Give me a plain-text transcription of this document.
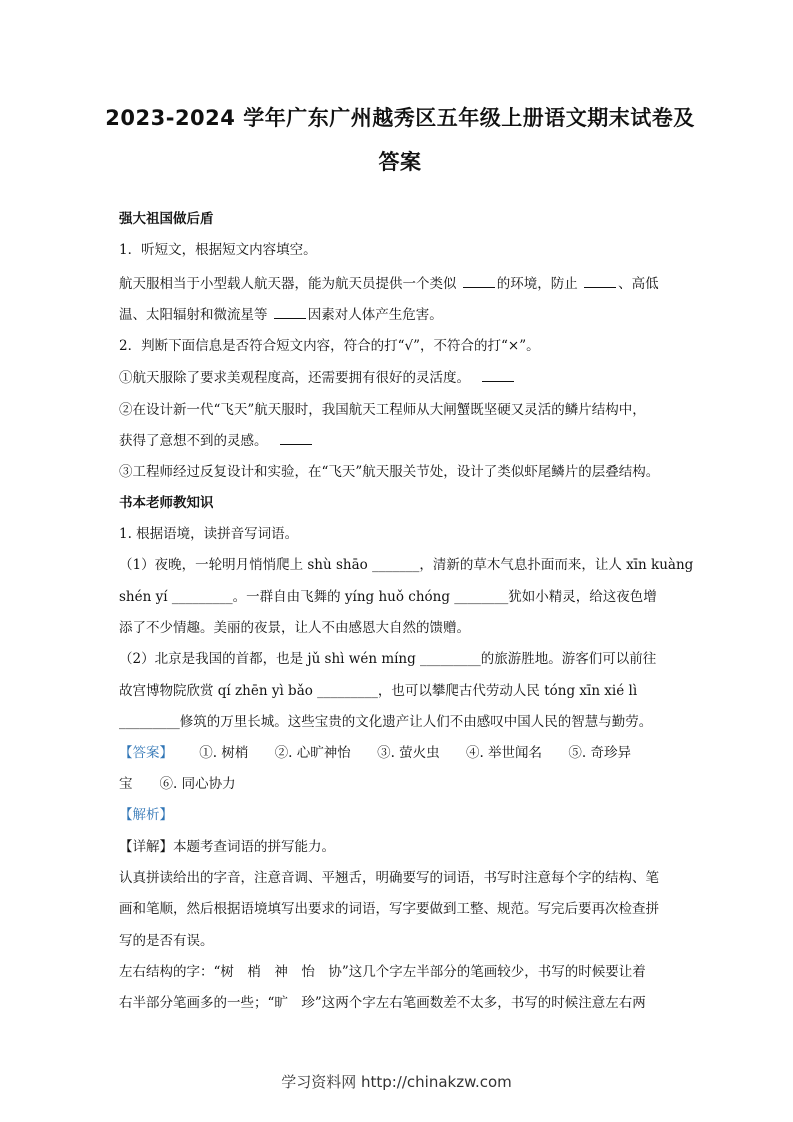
2023-2024 学年广东广州越秀区五年级上册语文期末试卷及
答案
强大祖国做后盾
1．听短文，根据短文内容填空。
航天服相当于小型载人航天器，能为航天员提供一个类似	的环境，防止	、高低
温、太阳辐射和微流星等	因素对人体产生危害。
2．判断下面信息是否符合短文内容，符合的打“√”，不符合的打“×”。
①航天服除了要求美观程度高，还需要拥有很好的灵活度。
②在设计新一代“飞天”航天服时，我国航天工程师从大闸蟹既坚硬又灵活的鳞片结构中，
获得了意想不到的灵感。
③工程师经过反复设计和实验，在“飞天”航天服关节处，设计了类似虾尾鳞片的层叠结构。
书本老师教知识
1. 根据语境，读拼音写词语。
（1）夜晚，一轮明月悄悄爬上 shù shāo _______，清新的草木气息扑面而来，让人 xīn kuàng
shén yí _________。一群自由飞舞的 yíng huǒ chóng ________犹如小精灵，给这夜色增
添了不少情趣。美丽的夜景，让人不由感恩大自然的馈赠。
（2）北京是我国的首都，也是 jǔ shì wén míng _________的旅游胜地。游客们可以前往
故宫博物院欣赏 qí zhēn yì bǎo _________，也可以攀爬古代劳动人民 tóng xīn xié lì
_________修筑的万里长城。这些宝贵的文化遗产让人们不由感叹中国人民的智慧与勤劳。
【答案】 ①. 树梢 ②. 心旷神怡 ③. 萤火虫 ④. 举世闻名 ⑤. 奇珍异
宝　　⑥. 同心协力
【解析】
【详解】本题考查词语的拼写能力。
认真拼读给出的字音，注意音调、平翘舌，明确要写的词语，书写时注意每个字的结构、笔
画和笔顺，然后根据语境填写出要求的词语，写字要做到工整、规范。写完后要再次检查拼
写的是否有误。
左右结构的字：“树　梢　神　怡　协”这几个字左半部分的笔画较少，书写的时候要让着
右半部分笔画多的一些；“旷　珍”这两个字左右笔画数差不太多，书写的时候注意左右两
学习资料网 http://chinakzw.com
